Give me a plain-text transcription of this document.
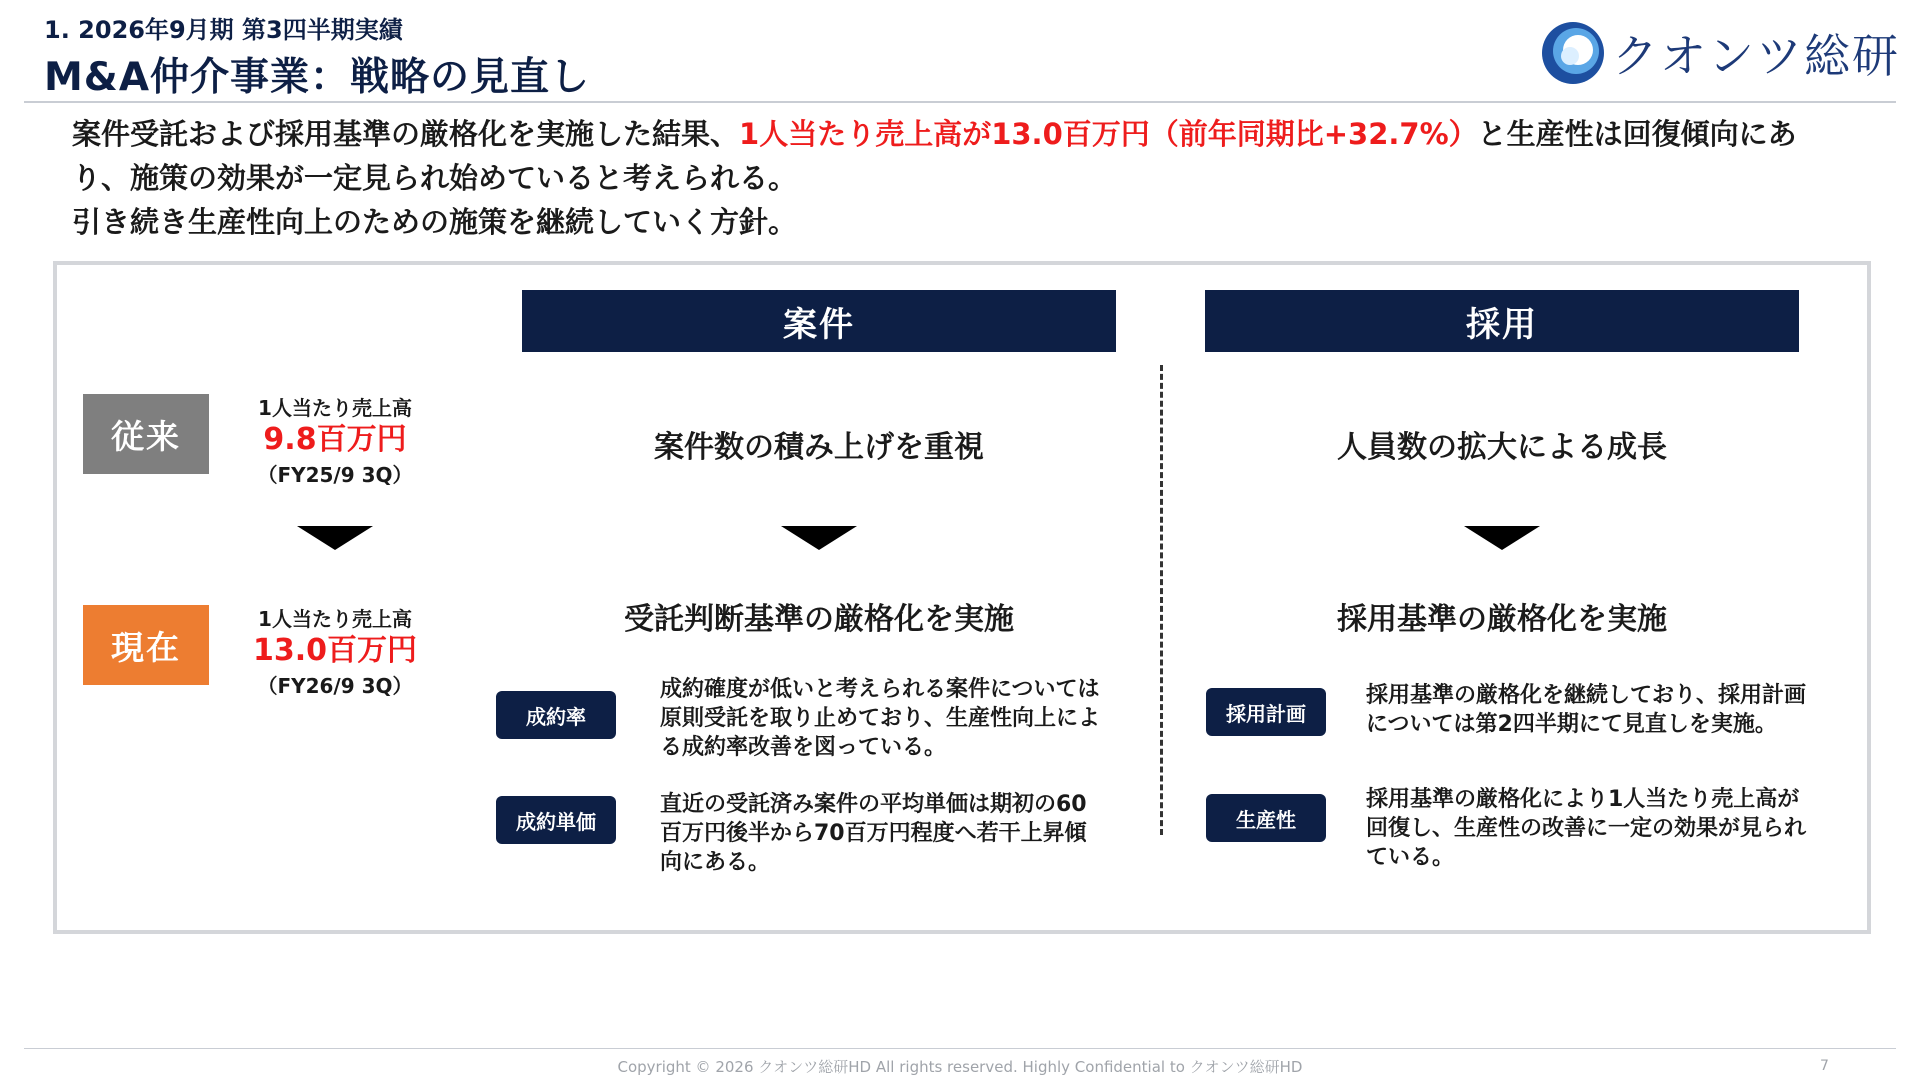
1. 2026年9月期 第3四半期実績
M&A仲介事業：戦略の見直し	クオンツ総研
案件受託および採用基準の厳格化を実施した結果、1人当たり売上高が13.0百万円（前年同期比+32.7%）と生産性は回復傾向にあり、施策の効果が一定見られ始めていると考えられる。
引き続き生産性向上のための施策を継続していく方針。
案件	採用
従来
1人当たり売上高
9.8百万円
（FY25/9 3Q）
案件数の積み上げを重視	人員数の拡大による成長
現在
1人当たり売上高
13.0百万円
（FY26/9 3Q）
受託判断基準の厳格化を実施	採用基準の厳格化を実施
成約率
成約確度が低いと考えられる案件については原則受託を取り止めており、生産性向上による成約率改善を図っている。
成約単価
直近の受託済み案件の平均単価は期初の60百万円後半から70百万円程度へ若干上昇傾向にある。
採用計画
採用基準の厳格化を継続しており、採用計画については第2四半期にて見直しを実施。
生産性
採用基準の厳格化により1人当たり売上高が回復し、生産性の改善に一定の効果が見られている。
Copyright © 2026 クオンツ総研HD All rights reserved. Highly Confidential to クオンツ総研HD	7
